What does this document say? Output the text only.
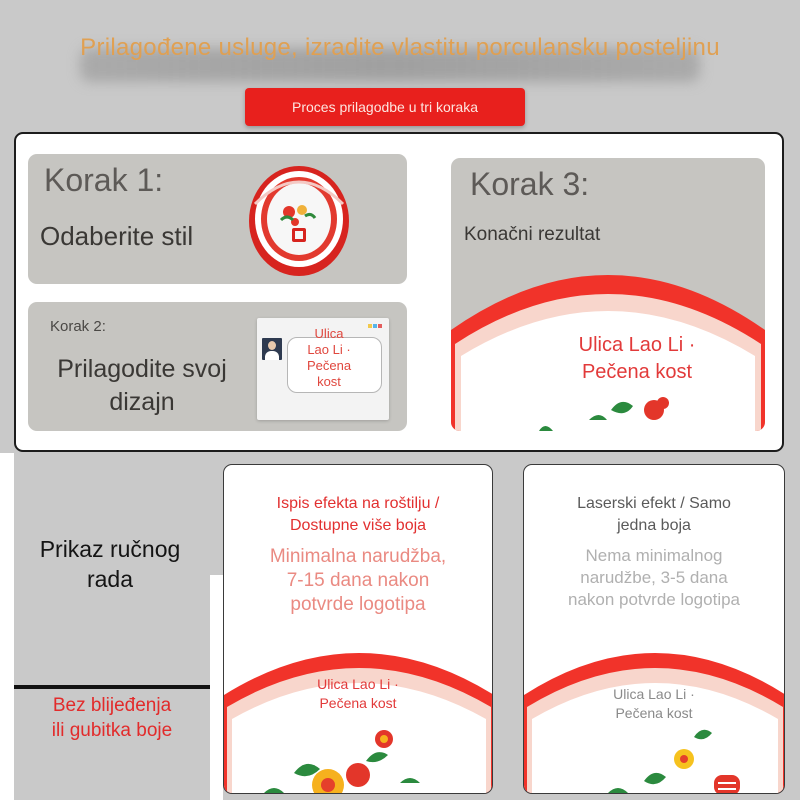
Prilagođene usluge, izradite vlastitu porculansku posteljinu
Proces prilagodbe u tri koraka
Korak 1:
Odaberite stil
Korak 2:
Prilagodite svoj
dizajn
Ulica
Lao Li ·
Pečena
kost
Korak 3:
Konačni rezultat
Ulica Lao Li ·
Pečena kost
Prikaz ručnog
rada
Bez blijeđenja
ili gubitka boje
Ispis efekta na roštilju /
Dostupne više boja
Minimalna narudžba,
7-15 dana nakon
potvrde logotipa
Ulica Lao Li ·
Pečena kost
Laserski efekt / Samo
jedna boja
Nema minimalnog
narudžbe, 3-5 dana
nakon potvrde logotipa
Ulica Lao Li ·
Pečena kost
